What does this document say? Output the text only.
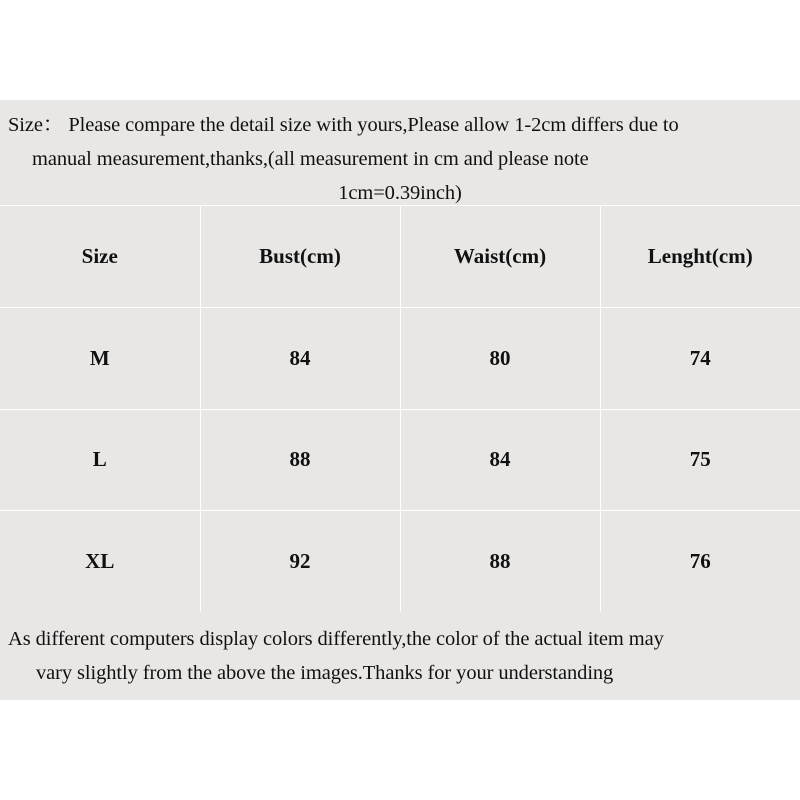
Size： Please compare the detail size with yours,Please allow 1-2cm differs due to
manual measurement,thanks,(all measurement in cm and please note
1cm=0.39inch)
Size	Bust(cm)	Waist(cm)	Lenght(cm)
M	84	80	74
L	88	84	75
XL	92	88	76
As different computers display colors differently,the color of the actual item may
vary slightly from the above the images.Thanks for your understanding
